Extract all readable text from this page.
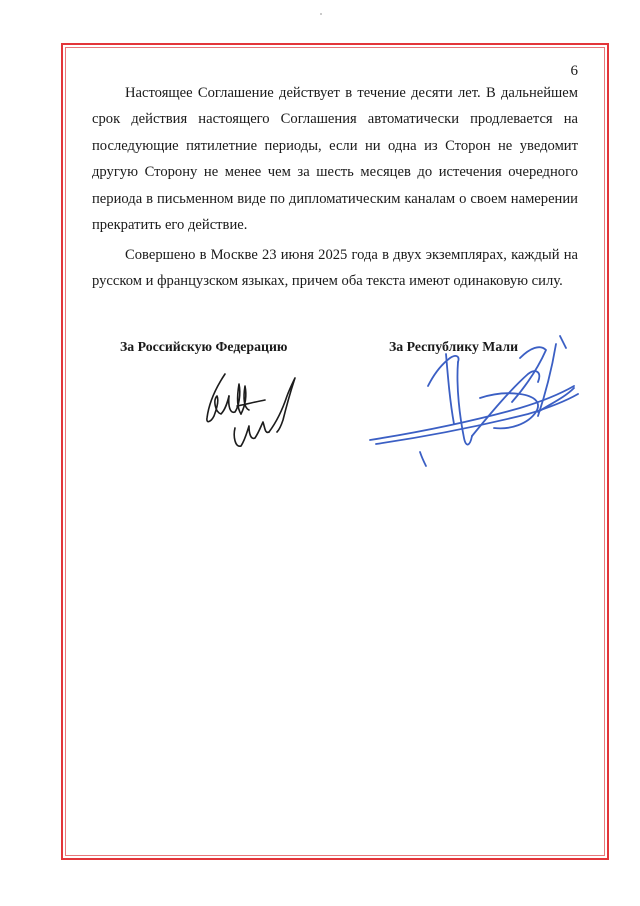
6

Настоящее Соглашение действует в течение десяти лет. В дальнейшем срок действия настоящего Соглашения автоматически продлевается на последующие пятилетние периоды, если ни одна из Сторон не уведомит другую Сторону не менее чем за шесть месяцев до истечения очередного периода в письменном виде по дипломатическим каналам о своем намерении прекратить его действие.

Совершено в Москве 23 июня 2025 года в двух экземплярах, каждый на русском и французском языках, причем оба текста имеют одинаковую силу.

За Российскую Федерацию	За Республику Мали
